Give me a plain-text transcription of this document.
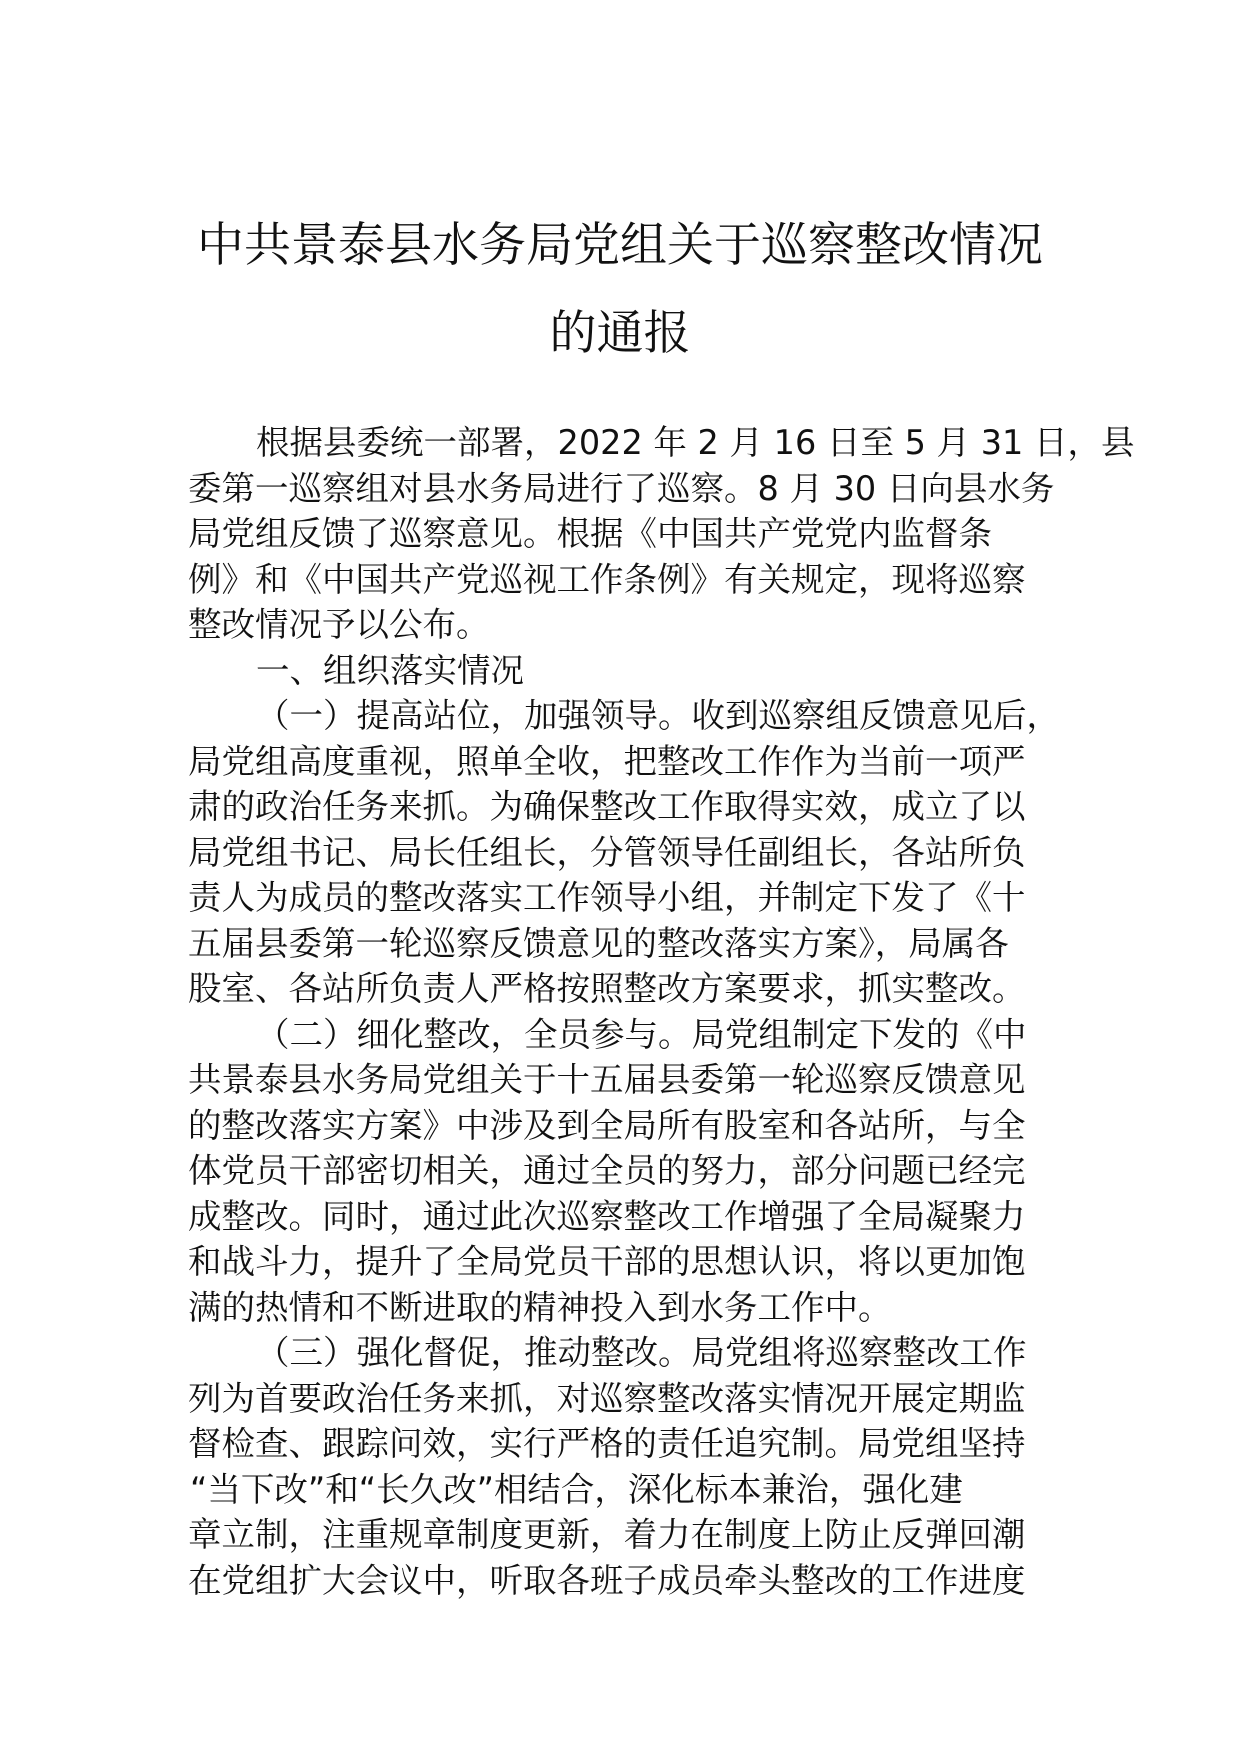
中共景泰县水务局党组关于巡察整改情况
的通报
根据县委统一部署，2022 年 2 月 16 日至 5 月 31 日，县
委第一巡察组对县水务局进行了巡察。8 月 30 日向县水务
局党组反馈了巡察意见。根据《中国共产党党内监督条
例》和《中国共产党巡视工作条例》有关规定，现将巡察
整改情况予以公布。
一、组织落实情况
（一）提高站位，加强领导。收到巡察组反馈意见后，
局党组高度重视，照单全收，把整改工作作为当前一项严
肃的政治任务来抓。为确保整改工作取得实效，成立了以
局党组书记、局长任组长，分管领导任副组长，各站所负
责人为成员的整改落实工作领导小组，并制定下发了《十
五届县委第一轮巡察反馈意见的整改落实方案》，局属各
股室、各站所负责人严格按照整改方案要求，抓实整改。
（二）细化整改，全员参与。局党组制定下发的《中
共景泰县水务局党组关于十五届县委第一轮巡察反馈意见
的整改落实方案》中涉及到全局所有股室和各站所，与全
体党员干部密切相关，通过全员的努力，部分问题已经完
成整改。同时，通过此次巡察整改工作增强了全局凝聚力
和战斗力，提升了全局党员干部的思想认识，将以更加饱
满的热情和不断进取的精神投入到水务工作中。
（三）强化督促，推动整改。局党组将巡察整改工作
列为首要政治任务来抓，对巡察整改落实情况开展定期监
督检查、跟踪问效，实行严格的责任追究制。局党组坚持
“当下改”和“长久改”相结合，深化标本兼治，强化建
章立制，注重规章制度更新，着力在制度上防止反弹回潮
在党组扩大会议中，听取各班子成员牵头整改的工作进度
